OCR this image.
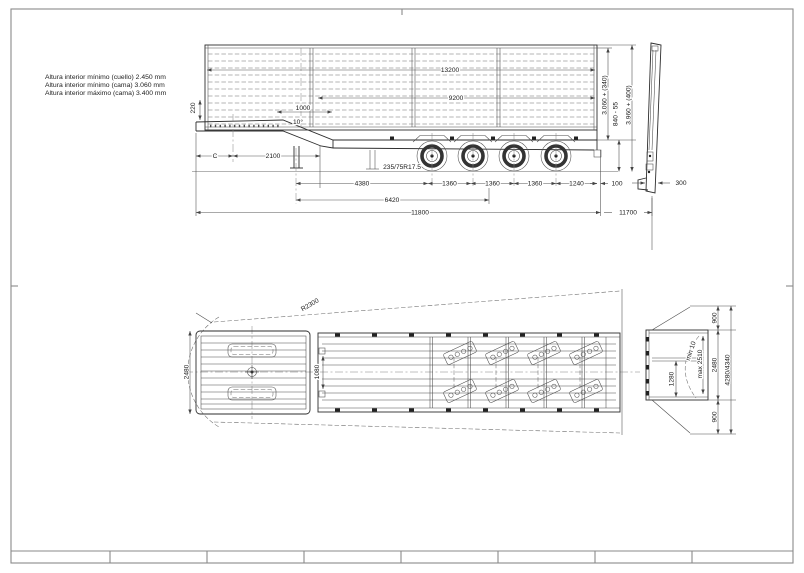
Altura interior mínimo (cuello) 2.450 mm
Altura interior mínimo (cama) 3.060 mm
Altura interior máximo (cama) 3.400 mm
13200
9200
220	1000
10°
C	2100
235/75R17.5
4380	1360	1360	1360	1240	100
6420
11800	11700
3.060 + (340) 840 - 55 3.960 + (400)
300
R2300
1080
2480
min 10 max 2510
1280
900
2480
900
4280/4340
